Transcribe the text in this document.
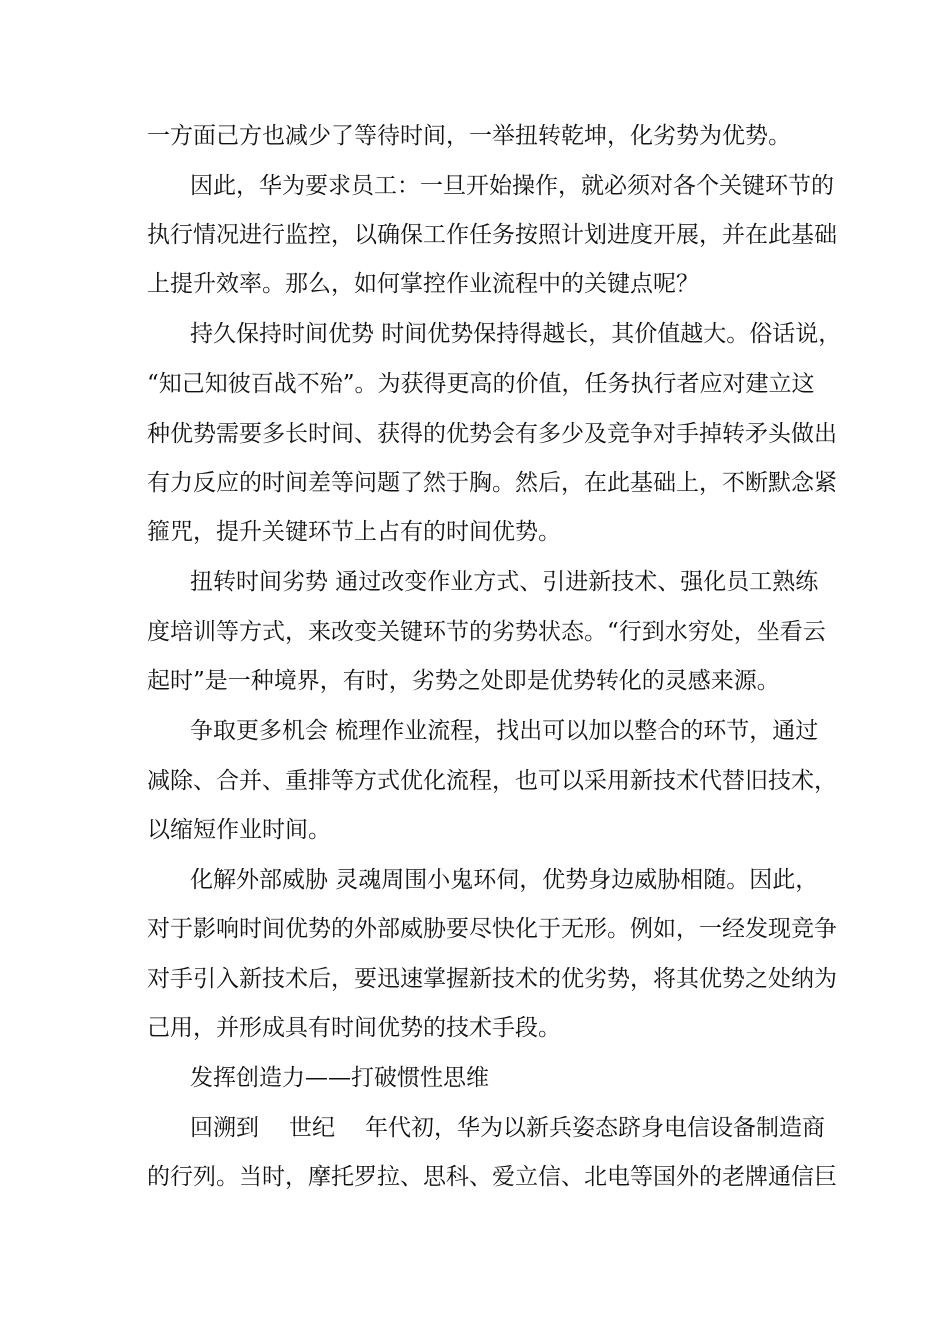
一方面己方也减少了等待时间，一举扭转乾坤，化劣势为优势。
因此，华为要求员工：一旦开始操作，就必须对各个关键环节的
执行情况进行监控，以确保工作任务按照计划进度开展，并在此基础
上提升效率。那么，如何掌控作业流程中的关键点呢？
持久保持时间优势 时间优势保持得越长，其价值越大。俗话说，
“知己知彼百战不殆”。为获得更高的价值，任务执行者应对建立这
种优势需要多长时间、获得的优势会有多少及竞争对手掉转矛头做出
有力反应的时间差等问题了然于胸。然后，在此基础上，不断默念紧
箍咒，提升关键环节上占有的时间优势。
扭转时间劣势 通过改变作业方式、引进新技术、强化员工熟练
度培训等方式，来改变关键环节的劣势状态。“行到水穷处，坐看云
起时”是一种境界，有时，劣势之处即是优势转化的灵感来源。
争取更多机会 梳理作业流程，找出可以加以整合的环节，通过
减除、合并、重排等方式优化流程，也可以采用新技术代替旧技术，
以缩短作业时间。
化解外部威胁 灵魂周围小鬼环伺，优势身边威胁相随。因此，
对于影响时间优势的外部威胁要尽快化于无形。例如，一经发现竞争
对手引入新技术后，要迅速掌握新技术的优劣势，将其优势之处纳为
己用，并形成具有时间优势的技术手段。
发挥创造力——打破惯性思维
回溯到 世纪 年代初，华为以新兵姿态跻身电信设备制造商
的行列。当时，摩托罗拉、思科、爱立信、北电等国外的老牌通信巨
